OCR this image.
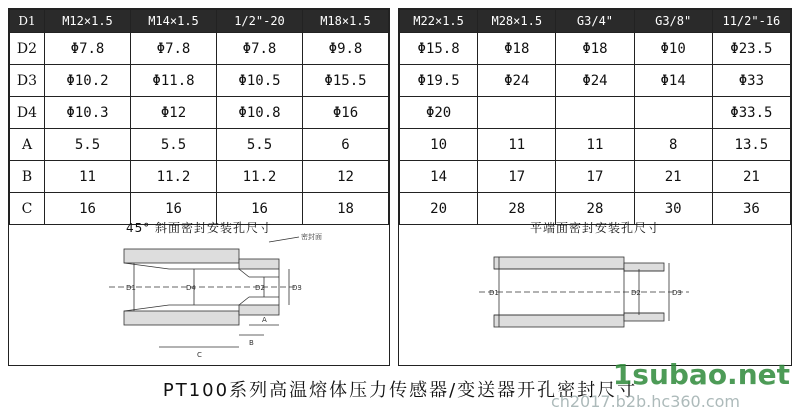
D1	M12×1.5	M14×1.5	1/2"-20	M18×1.5
D2	Φ7.8	Φ7.8	Φ7.8	Φ9.8
D3	Φ10.2	Φ11.8	Φ10.5	Φ15.5
D4	Φ10.3	Φ12	Φ10.8	Φ16
A	5.5	5.5	5.5	6
B	11	11.2	11.2	12
C	16	16	16	18
45° 斜面密封安装孔尺寸
密封面
D1	D4	D2	D3
C
B
A
M22×1.5	M28×1.5	G3/4"	G3/8"	11/2"-16
Φ15.8	Φ18	Φ18	Φ10	Φ23.5
Φ19.5	Φ24	Φ24	Φ14	Φ33
Φ20				Φ33.5
10	11	11	8	13.5
14	17	17	21	21
20	28	28	30	36
平端面密封安装孔尺寸
D1	D2	D3
PT100系列高温熔体压力传感器/变送器开孔密封尺寸
1subao.net
ch2017.b2b.hc360.com
